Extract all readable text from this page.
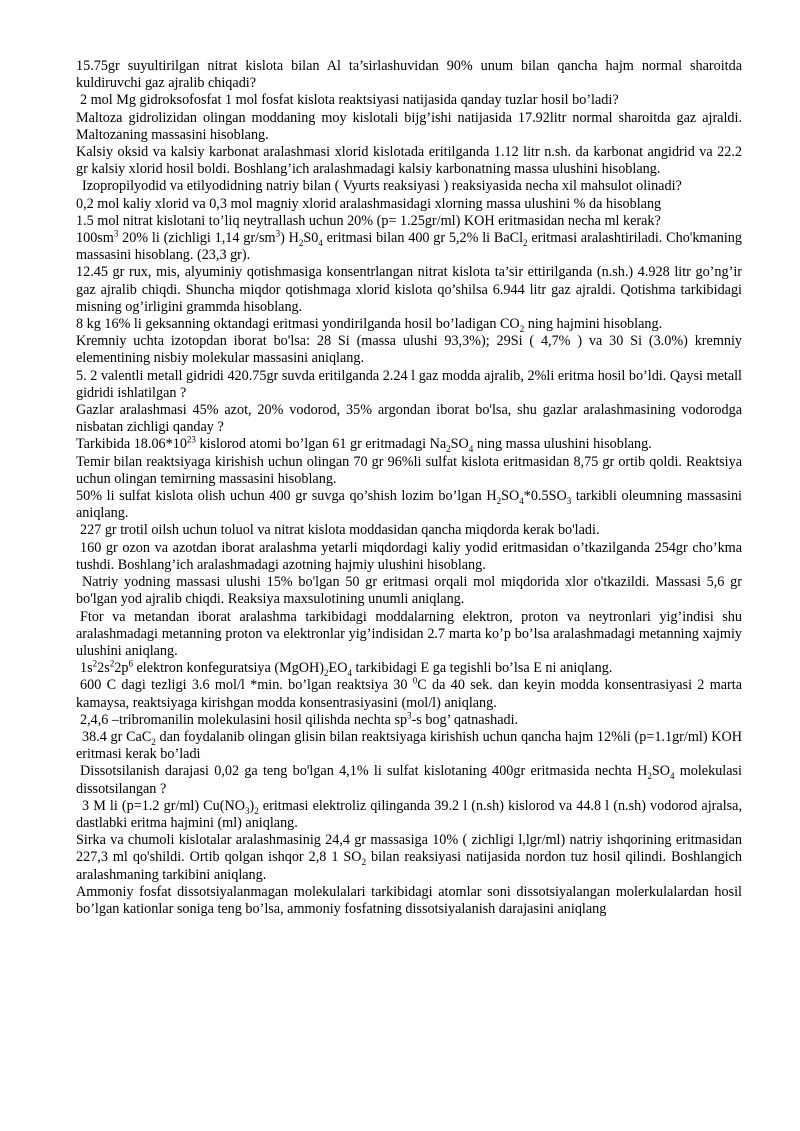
15.75gr suyultirilgan nitrat kislota bilan Al ta’sirlashuvidan 90% unum bilan qancha hajm normal sharoitda kuldiruvchi gaz ajralib chiqadi?

2 mol Mg gidroksofosfat 1 mol fosfat kislota reaktsiyasi natijasida qanday tuzlar hosil bo’ladi?

Maltoza gidrolizidan olingan moddaning moy kislotali bijg’ishi natijasida 17.92litr normal sharoitda gaz ajraldi. Maltozaning massasini hisoblang.

Kalsiy oksid va kalsiy karbonat aralashmasi xlorid kislotada eritilganda 1.12 litr n.sh. da karbonat angidrid va 22.2 gr kalsiy xlorid hosil boldi. Boshlang’ich aralashmadagi kalsiy karbonatning massa ulushini hisoblang.

Izopropilyodid va etilyodidning natriy bilan ( Vyurts reaksiyasi ) reaksiyasida necha xil mahsulot olinadi?

0,2 mol kaliy xlorid va 0,3 mol magniy xlorid aralashmasidagi xlorning massa ulushini % da hisoblang

1.5 mol nitrat kislotani to’liq neytrallash uchun 20% (p= 1.25gr/ml) KOH eritmasidan necha ml kerak?

$100sm^3$ 20% li (zichligi 1,14 $gr/sm^3$) $H_2S0_4$ eritmasi bilan 400 gr 5,2% li BaCl$_2$ eritmasi aralashtiriladi. Cho'kmaning massasini hisoblang. (23,3 gr).

12.45 gr rux, mis, alyuminiy qotishmasiga konsentrlangan nitrat kislota ta’sir ettirilganda (n.sh.) 4.928 litr go’ng’ir gaz ajralib chiqdi. Shuncha miqdor qotishmaga xlorid kislota qo’shilsa 6.944 litr gaz ajraldi. Qotishma tarkibidagi misning og’irligini grammda hisoblang.

8 kg 16% li geksanning oktandagi eritmasi yondirilganda hosil bo’ladigan $CO_2$ ning hajmini hisoblang.

Kremniy uchta izotopdan iborat bo'lsa: 28 Si (massa ulushi 93,3%); 29Si ( 4,7% ) va 30 Si (3.0%) kremniy elementining nisbiy molekular massasini aniqlang.

5. 2 valentli metall gidridi 420.75gr suvda eritilganda 2.24 l gaz modda ajralib, 2%li eritma hosil bo’ldi. Qaysi metall gidridi ishlatilgan ?

Gazlar aralashmasi 45% azot, 20% vodorod, 35% argondan iborat bo'lsa, shu gazlar aralashmasining vodorodga nisbatan zichligi qanday ?

Tarkibida $18.06*10^{23}$ kislorod atomi bo’lgan 61 gr eritmadagi $Na_2SO_4$ ning massa ulushini hisoblang.

Temir bilan reaktsiyaga kirishish uchun olingan 70 gr 96%li sulfat kislota eritmasidan 8,75 gr ortib qoldi. Reaktsiya uchun olingan temirning massasini hisoblang.

50% li sulfat kislota olish uchun 400 gr suvga qo’shish lozim bo’lgan $H_2SO_4*0.5SO_3$ tarkibli oleumning massasini aniqlang.

227 gr trotil oilsh uchun toluol va nitrat kislota moddasidan qancha miqdorda kerak bo'ladi.

160 gr ozon va azotdan iborat aralashma yetarli miqdordagi kaliy yodid eritmasidan o’tkazilganda 254gr cho’kma tushdi. Boshlang’ich aralashmadagi azotning hajmiy ulushini hisoblang.

Natriy yodning massasi ulushi 15% bo'lgan 50 gr eritmasi orqali mol miqdorida xlor o'tkazildi. Massasi 5,6 gr bo'lgan yod ajralib chiqdi. Reaksiya maxsulotining unumli aniqlang.

Ftor va metandan iborat aralashma tarkibidagi moddalarning elektron, proton va neytronlari yig’indisi shu aralashmadagi metanning proton va elektronlar yig’indisidan 2.7 marta ko’p bo’lsa aralashmadagi metanning xajmiy ulushini aniqlang.

$1s^22s^22p^6$ elektron konfeguratsiya $(MgOH)_2EO_4$ tarkibidagi E ga tegishli bo’lsa E ni aniqlang.

600 C dagi tezligi 3.6 mol/l *min. bo’lgan reaktsiya 30 $^0$C da 40 sek. dan keyin modda konsentrasiyasi 2 marta kamaysa, reaktsiyaga kirishgan modda konsentrasiyasini (mol/l) aniqlang.

2,4,6 –tribromanilin molekulasini hosil qilishda nechta $sp^3-s$ bog’ qatnashadi.

38.4 gr CaC$_2$ dan foydalanib olingan glisin bilan reaktsiyaga kirishish uchun qancha hajm 12%li (p=1.1gr/ml) KOH eritmasi kerak bo’ladi

Dissotsilanish darajasi 0,02 ga teng bo'lgan 4,1% li sulfat kislotaning 400gr eritmasida nechta $H_2SO_4$ molekulasi dissotsilangan ?

3 M li (p=1.2 gr/ml) $Cu(NO_3)_2$ eritmasi elektroliz qilinganda 39.2 l (n.sh) kislorod va 44.8 l (n.sh) vodorod ajralsa, dastlabki eritma hajmini (ml) aniqlang.

Sirka va chumoli kislotalar aralashmasinig 24,4 gr massasiga 10% ( zichligi l,lgr/ml) natriy ishqorining eritmasidan 227,3 ml qo'shildi. Ortib qolgan ishqor 2,8 1 $SO_2$ bilan reaksiyasi natijasida nordon tuz hosil qilindi. Boshlangich aralashmaning tarkibini aniqlang.

Ammoniy fosfat dissotsiyalanmagan molekulalari tarkibidagi atomlar soni dissotsiyalangan molerkulalardan hosil bo’lgan kationlar soniga teng bo’lsa, ammoniy fosfatning dissotsiyalanish darajasini aniqlang
